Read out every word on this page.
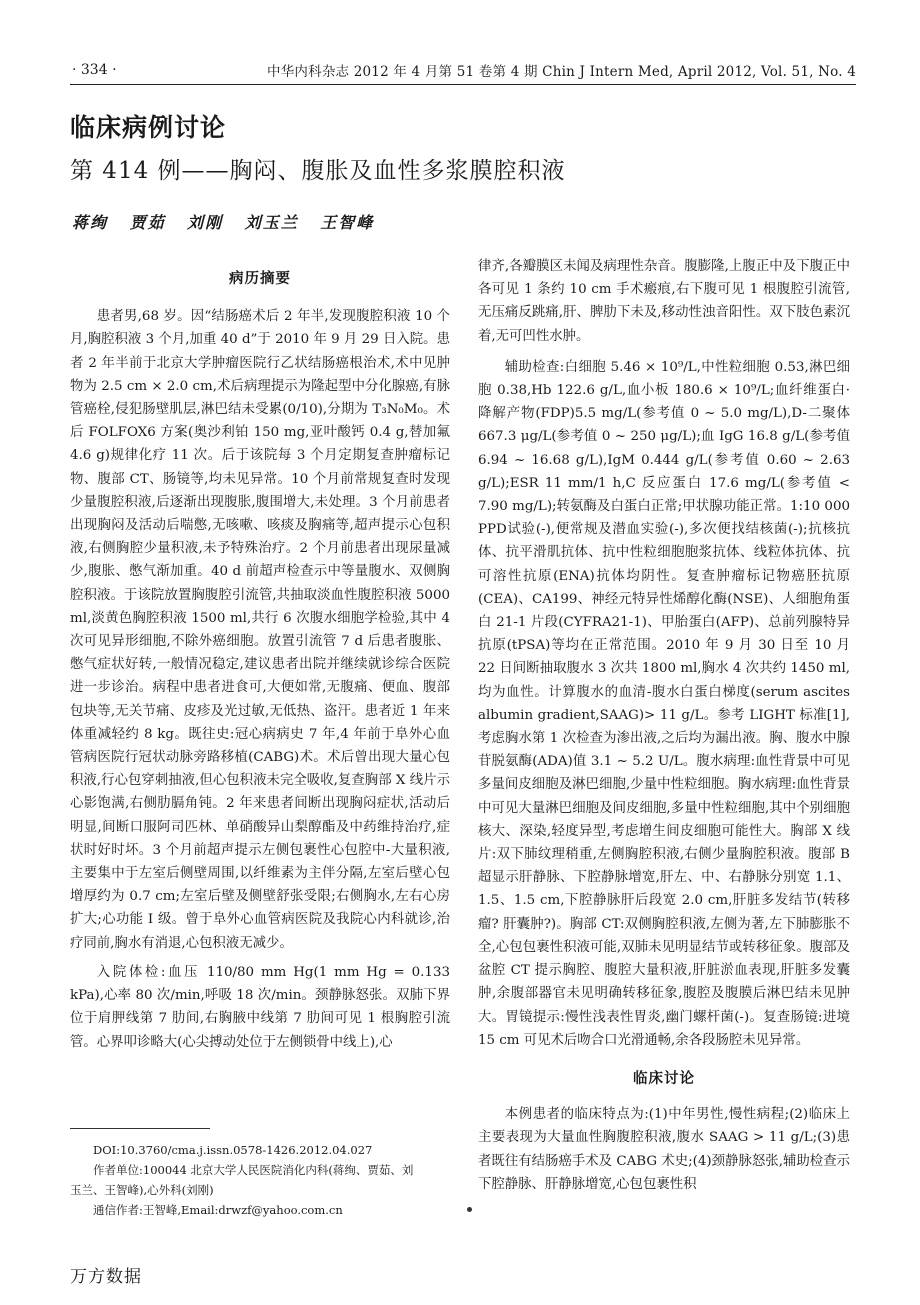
· 334 ·	中华内科杂志 2012 年 4 月第 51 卷第 4 期 Chin J Intern Med, April 2012, Vol. 51, No. 4
临床病例讨论
第 414 例——胸闷、腹胀及血性多浆膜腔积液
蒋绚 贾茹 刘刚 刘玉兰 王智峰
病历摘要

患者男,68 岁。因“结肠癌术后 2 年半,发现腹腔积液 10 个月,胸腔积液 3 个月,加重 40 d”于 2010 年 9 月 29 日入院。患者 2 年半前于北京大学肿瘤医院行乙状结肠癌根治术,术中见肿物为 2.5 cm × 2.0 cm,术后病理提示为隆起型中分化腺癌,有脉管癌栓,侵犯肠壁肌层,淋巴结未受累(0/10),分期为 T₃N₀M₀。术后 FOLFOX6 方案(奥沙利铂 150 mg,亚叶酸钙 0.4 g,替加氟 4.6 g)规律化疗 11 次。后于该院每 3 个月定期复查肿瘤标记物、腹部 CT、肠镜等,均未见异常。10 个月前常规复查时发现少量腹腔积液,后逐渐出现腹胀,腹围增大,未处理。3 个月前患者出现胸闷及活动后喘憋,无咳嗽、咳痰及胸痛等,超声提示心包积液,右侧胸腔少量积液,未予特殊治疗。2 个月前患者出现尿量减少,腹胀、憋气渐加重。40 d 前超声检查示中等量腹水、双侧胸腔积液。于该院放置胸腹腔引流管,共抽取淡血性腹腔积液 5000 ml,淡黄色胸腔积液 1500 ml,共行 6 次腹水细胞学检验,其中 4 次可见异形细胞,不除外癌细胞。放置引流管 7 d 后患者腹胀、憋气症状好转,一般情况稳定,建议患者出院并继续就诊综合医院进一步诊治。病程中患者进食可,大便如常,无腹痛、便血、腹部包块等,无关节痛、皮疹及光过敏,无低热、盗汗。患者近 1 年来体重减轻约 8 kg。既往史:冠心病病史 7 年,4 年前于阜外心血管病医院行冠状动脉旁路移植(CABG)术。术后曾出现大量心包积液,行心包穿刺抽液,但心包积液未完全吸收,复查胸部 X 线片示心影饱满,右侧肋膈角钝。2 年来患者间断出现胸闷症状,活动后明显,间断口服阿司匹林、单硝酸异山梨醇酯及中药维持治疗,症状时好时坏。3 个月前超声提示左侧包裹性心包腔中-大量积液,主要集中于左室后侧壁周围,以纤维素为主伴分隔,左室后壁心包增厚约为 0.7 cm;左室后壁及侧壁舒张受限;右侧胸水,左右心房扩大;心功能 Ⅰ 级。曾于阜外心血管病医院及我院心内科就诊,治疗同前,胸水有消退,心包积液无减少。

入院体检:血压 110/80 mm Hg(1 mm Hg = 0.133 kPa),心率 80 次/min,呼吸 18 次/min。颈静脉怒张。双肺下界位于肩胛线第 7 肋间,右胸腋中线第 7 肋间可见 1 根胸腔引流管。心界叩诊略大(心尖搏动处位于左侧锁骨中线上),心

律齐,各瓣膜区未闻及病理性杂音。腹膨隆,上腹正中及下腹正中各可见 1 条约 10 cm 手术瘢痕,右下腹可见 1 根腹腔引流管,无压痛反跳痛,肝、脾肋下未及,移动性浊音阳性。双下肢色素沉着,无可凹性水肿。

辅助检查:白细胞 5.46 × 10⁹/L,中性粒细胞 0.53,淋巴细胞 0.38,Hb 122.6 g/L,血小板 180.6 × 10⁹/L;血纤维蛋白·降解产物(FDP)5.5 mg/L(参考值 0 ~ 5.0 mg/L),D-二聚体 667.3 μg/L(参考值 0 ~ 250 μg/L);血 IgG 16.8 g/L(参考值 6.94 ~ 16.68 g/L),IgM 0.444 g/L(参考值 0.60 ~ 2.63 g/L);ESR 11 mm/1 h,C 反应蛋白 17.6 mg/L(参考值 < 7.90 mg/L);转氨酶及白蛋白正常;甲状腺功能正常。1:10 000 PPD试验(-),便常规及潜血实验(-),多次便找结核菌(-);抗核抗体、抗平滑肌抗体、抗中性粒细胞胞浆抗体、线粒体抗体、抗可溶性抗原(ENA)抗体均阴性。复查肿瘤标记物癌胚抗原(CEA)、CA199、神经元特异性烯醇化酶(NSE)、人细胞角蛋白 21-1 片段(CYFRA21-1)、甲胎蛋白(AFP)、总前列腺特异抗原(tPSA)等均在正常范围。2010 年 9 月 30 日至 10 月 22 日间断抽取腹水 3 次共 1800 ml,胸水 4 次共约 1450 ml,均为血性。计算腹水的血清-腹水白蛋白梯度(serum ascites albumin gradient,SAAG)> 11 g/L。参考 LIGHT 标准[1],考虑胸水第 1 次检查为渗出液,之后均为漏出液。胸、腹水中腺苷脱氨酶(ADA)值 3.1 ~ 5.2 U/L。腹水病理:血性背景中可见多量间皮细胞及淋巴细胞,少量中性粒细胞。胸水病理:血性背景中可见大量淋巴细胞及间皮细胞,多量中性粒细胞,其中个别细胞核大、深染,轻度异型,考虑增生间皮细胞可能性大。胸部 X 线片:双下肺纹理稍重,左侧胸腔积液,右侧少量胸腔积液。腹部 B 超显示肝静脉、下腔静脉增宽,肝左、中、右静脉分别宽 1.1、1.5、1.5 cm,下腔静脉肝后段宽 2.0 cm,肝脏多发结节(转移瘤? 肝囊肿?)。胸部 CT:双侧胸腔积液,左侧为著,左下肺膨胀不全,心包包裹性积液可能,双肺未见明显结节或转移征象。腹部及盆腔 CT 提示胸腔、腹腔大量积液,肝脏淤血表现,肝脏多发囊肿,余腹部器官未见明确转移征象,腹腔及腹膜后淋巴结未见肿大。胃镜提示:慢性浅表性胃炎,幽门螺杆菌(-)。复查肠镜:进境 15 cm 可见术后吻合口光滑通畅,余各段肠腔未见异常。

临床讨论

本例患者的临床特点为:(1)中年男性,慢性病程;(2)临床上主要表现为大量血性胸腹腔积液,腹水 SAAG > 11 g/L;(3)患者既往有结肠癌手术及 CABG 术史;(4)颈静脉怒张,辅助检查示下腔静脉、肝静脉增宽,心包包裹性积

DOI:10.3760/cma.j.issn.0578-1426.2012.04.027

作者单位:100044 北京大学人民医院消化内科(蒋绚、贾茹、刘

玉兰、王智峰),心外科(刘刚)

通信作者:王智峰,Email:drwzf@yahoo.com.cn

万方数据
